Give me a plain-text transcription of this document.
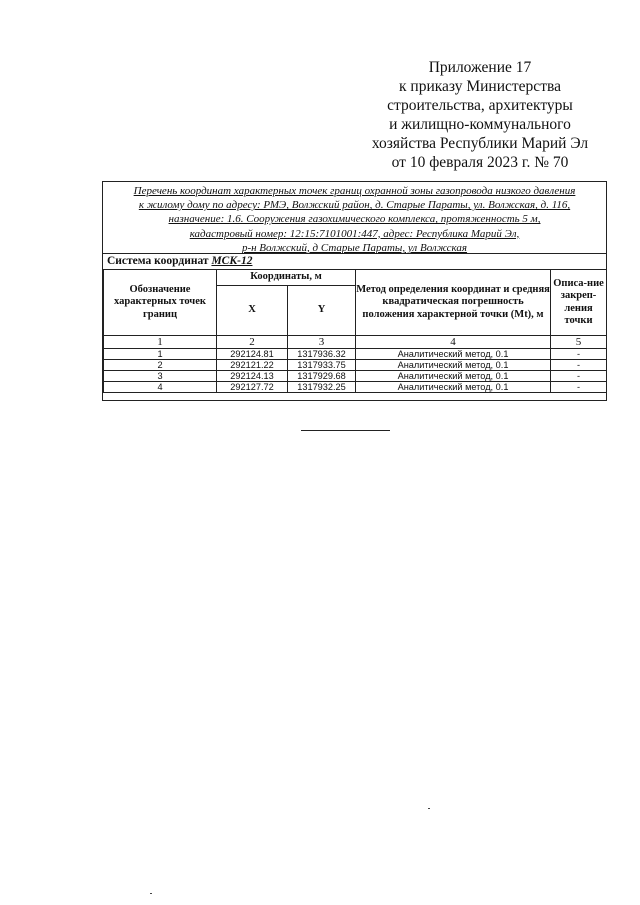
Приложение 17
к приказу Министерства
строительства, архитектуры
и жилищно-коммунального
хозяйства Республики Марий Эл
от 10 февраля 2023 г. № 70
Перечень координат характерных точек границ охранной зоны газопровода низкого давления
к жилому дому по адресу: РМЭ, Волжский район, д. Старые Параты, ул. Волжская, д. 116,
назначение: 1.6. Сооружения газохимического комплекса, протяженность 5 м,
кадастровый номер: 12:15:7101001:447, адрес: Республика Марий Эл,
р-н Волжский, д Старые Параты, ул Волжская
Система координат МСК-12
Обозначение характерных точек границ	Координаты, м		Метод определения координат и средняя квадратическая погрешность положения характерной точки (Mt), м	Описа-ние закреп-ления точки
	X	Y		
1	2	3	4	5
1	292124.81	1317936.32	Аналитический метод, 0.1	-
2	292121.22	1317933.75	Аналитический метод, 0.1	-
3	292124.13	1317929.68	Аналитический метод, 0.1	-
4	292127.72	1317932.25	Аналитический метод, 0.1	-
